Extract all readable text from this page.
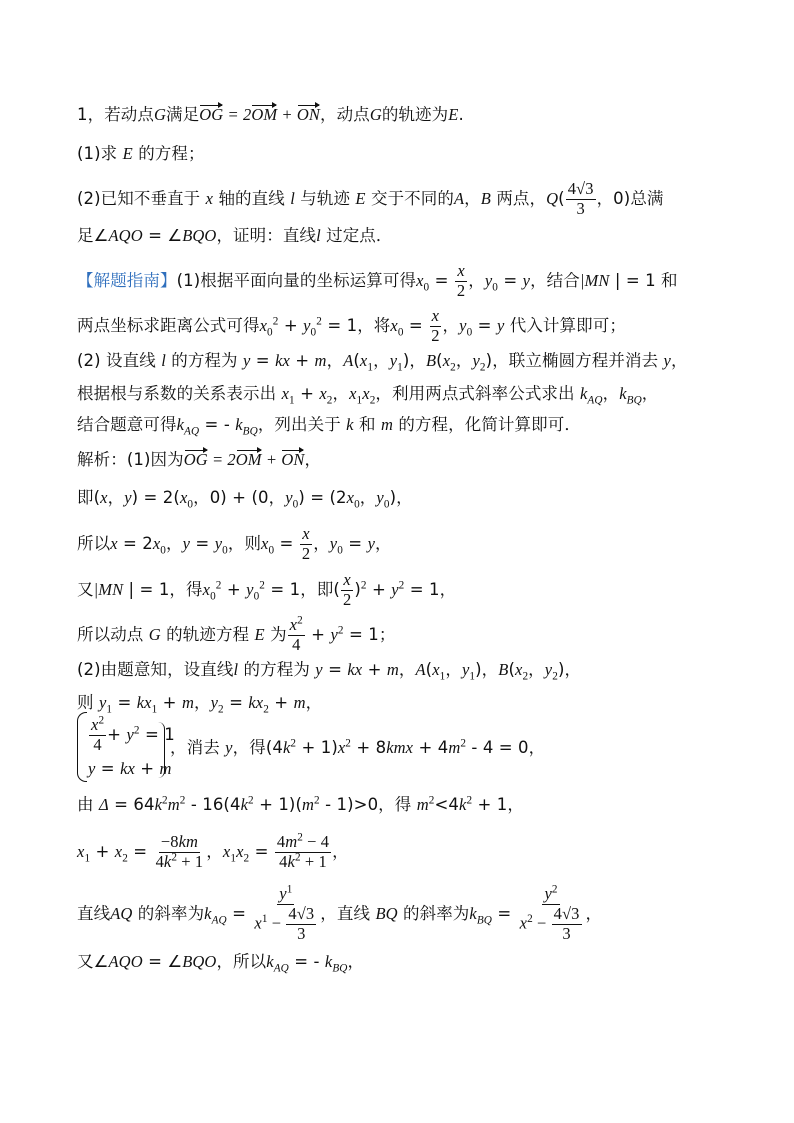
1，若动点G满足OG = 2OM + ON，动点G的轨迹为E.
(1)求 E 的方程；
(2)已知不垂直于 x 轴的直线 l 与轨迹 E 交于不同的A，B 两点，$Q( \frac{4√3}{3}$ ，0)总满
足∠AQO = ∠BQO，证明：直线l 过定点．
【解题指南】(1)根据平面向量的坐标运算可得$x_0 = \frac{x}{2}$ ，$y_0 = y$，结合|MN | = 1 和
两点坐标求距离公式可得$x_0^2 + y_0^2 = 1$，将$x_0 = \frac{x}{2}$ ，$y_0 = y$ 代入计算即可；
(2) 设直线 l 的方程为 y = kx + m，$A(x_1$，$y_1$)，$B(x_2$，$y_2$)，联立椭圆方程并消去 y，
根据根与系数的关系表示出 $x_1 + x_2$，$x_1x_2$，利用两点式斜率公式求出 $k_{AQ}$，$k_{BQ}$，
结合题意可得$k_{AQ}$ = - $k_{BQ}$，列出关于 k 和 m 的方程，化简计算即可．
解析：(1)因为OG = 2OM + ON，
即(x，$y) = 2(x_0$，0) + (0，$y_0) = (2x_0$，$y_0$)，
所以$x = 2x_0$，$y = y_0$，则$x_0 = \frac{x}{2}$ ，$y_0 = y$，
又|MN | = 1，得$x_0^2 + y_0^2 = 1$，即( $\frac{x}{2} )^2 + y^2 = 1$，
所以动点 G 的轨迹方程 E 为 $\frac{x^2}{4} + y^2 = 1$；
(2)由题意知，设直线l 的方程为 y = kx + m，$A(x_1$，$y_1$)，$B(x_2$，$y_2$)，
则 $y_1 = kx_1 + m$，$y_2 = kx_2 + m$，
$\frac{x^2}{4} + y^2 = 1$
y = kx + m
，消去 y，得$(4k^2 + 1)x^2 + 8kmx + 4m^2 - 4 = 0$，
由 $\Delta = 64k^2m^2 - 16(4k^2 + 1)(m^2 - 1)>0$，得 $m^2<4k^2 + 1$，
$x_1 + x_2 = \frac{-8km}{4k^2 + 1}$ ，$x_1x_2 = \frac{4m^2 - 4}{4k^2 + 1}$ ，
直线AQ 的斜率为$k_{AQ} = \frac{y^1}{x^1 - \frac{4√3}{3}}$ ，直线 BQ 的斜率为$k_{BQ} = \frac{y^2}{x^2 - \frac{4√3}{3}}$ ，
又∠AQO = ∠BQO，所以$k_{AQ}$ = - $k_{BQ}$，
